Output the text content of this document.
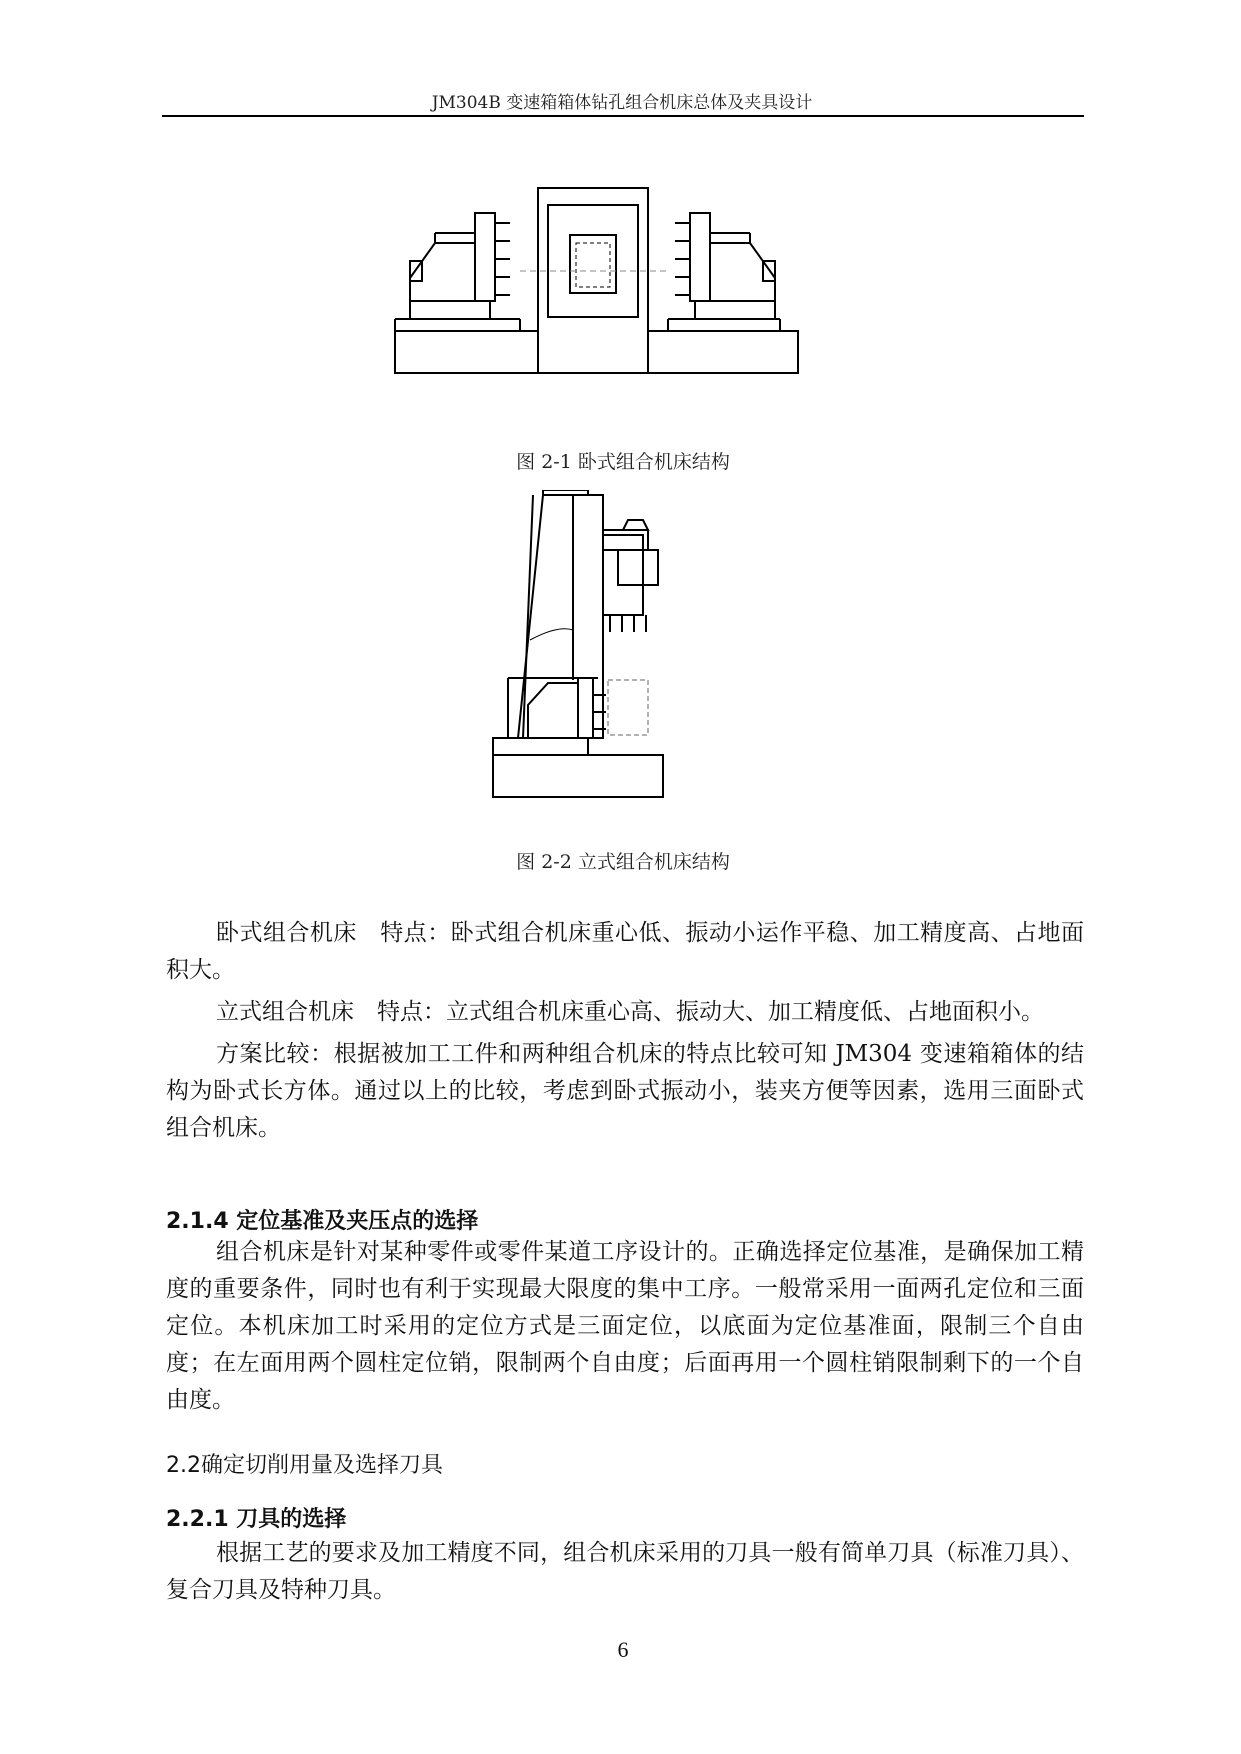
JM304B 变速箱箱体钻孔组合机床总体及夹具设计
图 2-1 卧式组合机床结构
图 2-2 立式组合机床结构

卧式组合机床　特点：卧式组合机床重心低、振动小运作平稳、加工精度高、占地面积大。

立式组合机床　特点：立式组合机床重心高、振动大、加工精度低、占地面积小。

方案比较：根据被加工工件和两种组合机床的特点比较可知 JM304 变速箱箱体的结构为卧式长方体。通过以上的比较，考虑到卧式振动小，装夹方便等因素，选用三面卧式组合机床。

2.1.4 定位基准及夹压点的选择

组合机床是针对某种零件或零件某道工序设计的。正确选择定位基准，是确保加工精度的重要条件，同时也有利于实现最大限度的集中工序。一般常采用一面两孔定位和三面定位。本机床加工时采用的定位方式是三面定位，以底面为定位基准面，限制三个自由度；在左面用两个圆柱定位销，限制两个自由度；后面再用一个圆柱销限制剩下的一个自由度。

2.2确定切削用量及选择刀具
2.2.1 刀具的选择

根据工艺的要求及加工精度不同，组合机床采用的刀具一般有简单刀具（标准刀具）、复合刀具及特种刀具。

6
